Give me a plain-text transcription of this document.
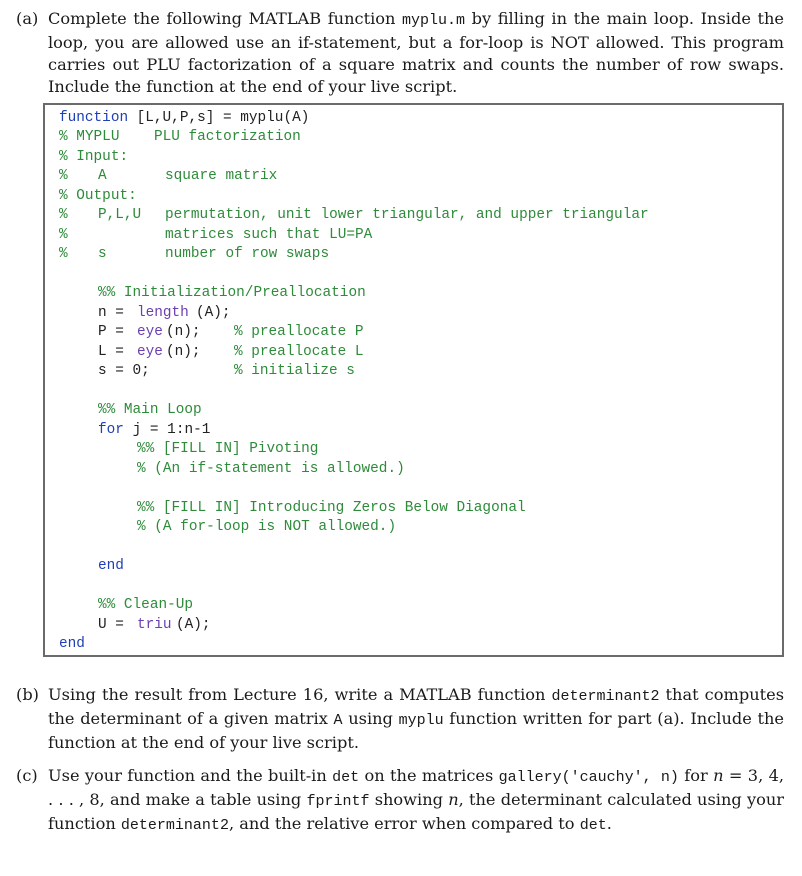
(a) Complete the following MATLAB function myplu.m by filling in the main loop. Inside the loop, you are allowed use an if-statement, but a for-loop is NOT allowed. This program carries out PLU factorization of a square matrix and counts the number of row swaps. Include the function at the end of your live script.

function

[L,U,P,s] = myplu(A)

% MYPLU    PLU factorization

% Input:

%

A

	square matrix

% Output:

%

P,L,U

permutation, unit lower triangular, and upper triangular

%

	matrices such that LU=PA

%

s

	number of row swaps

%% Initialization/Preallocation

n =

length

(A);

P =

eye

(n);

% preallocate P

L =

eye

(n);

% preallocate L

s = 0;

	% initialize s

%% Main Loop

for

j = 1:n-1

%% [FILL IN] Pivoting

% (An if-statement is allowed.)

%% [FILL IN] Introducing Zeros Below Diagonal

% (A for-loop is NOT allowed.)

end

%% Clean-Up

U =

triu

(A);

end

(b) Using the result from Lecture 16, write a MATLAB function determinant2 that computes the determinant of a given matrix A using myplu function written for part (a). Include the function at the end of your live script.
(c) Use your function and the built-in det on the matrices gallery('cauchy', n) for n = 3, 4, . . . , 8, and make a table using fprintf showing n, the determinant calculated using your function determinant2, and the relative error when compared to det.
